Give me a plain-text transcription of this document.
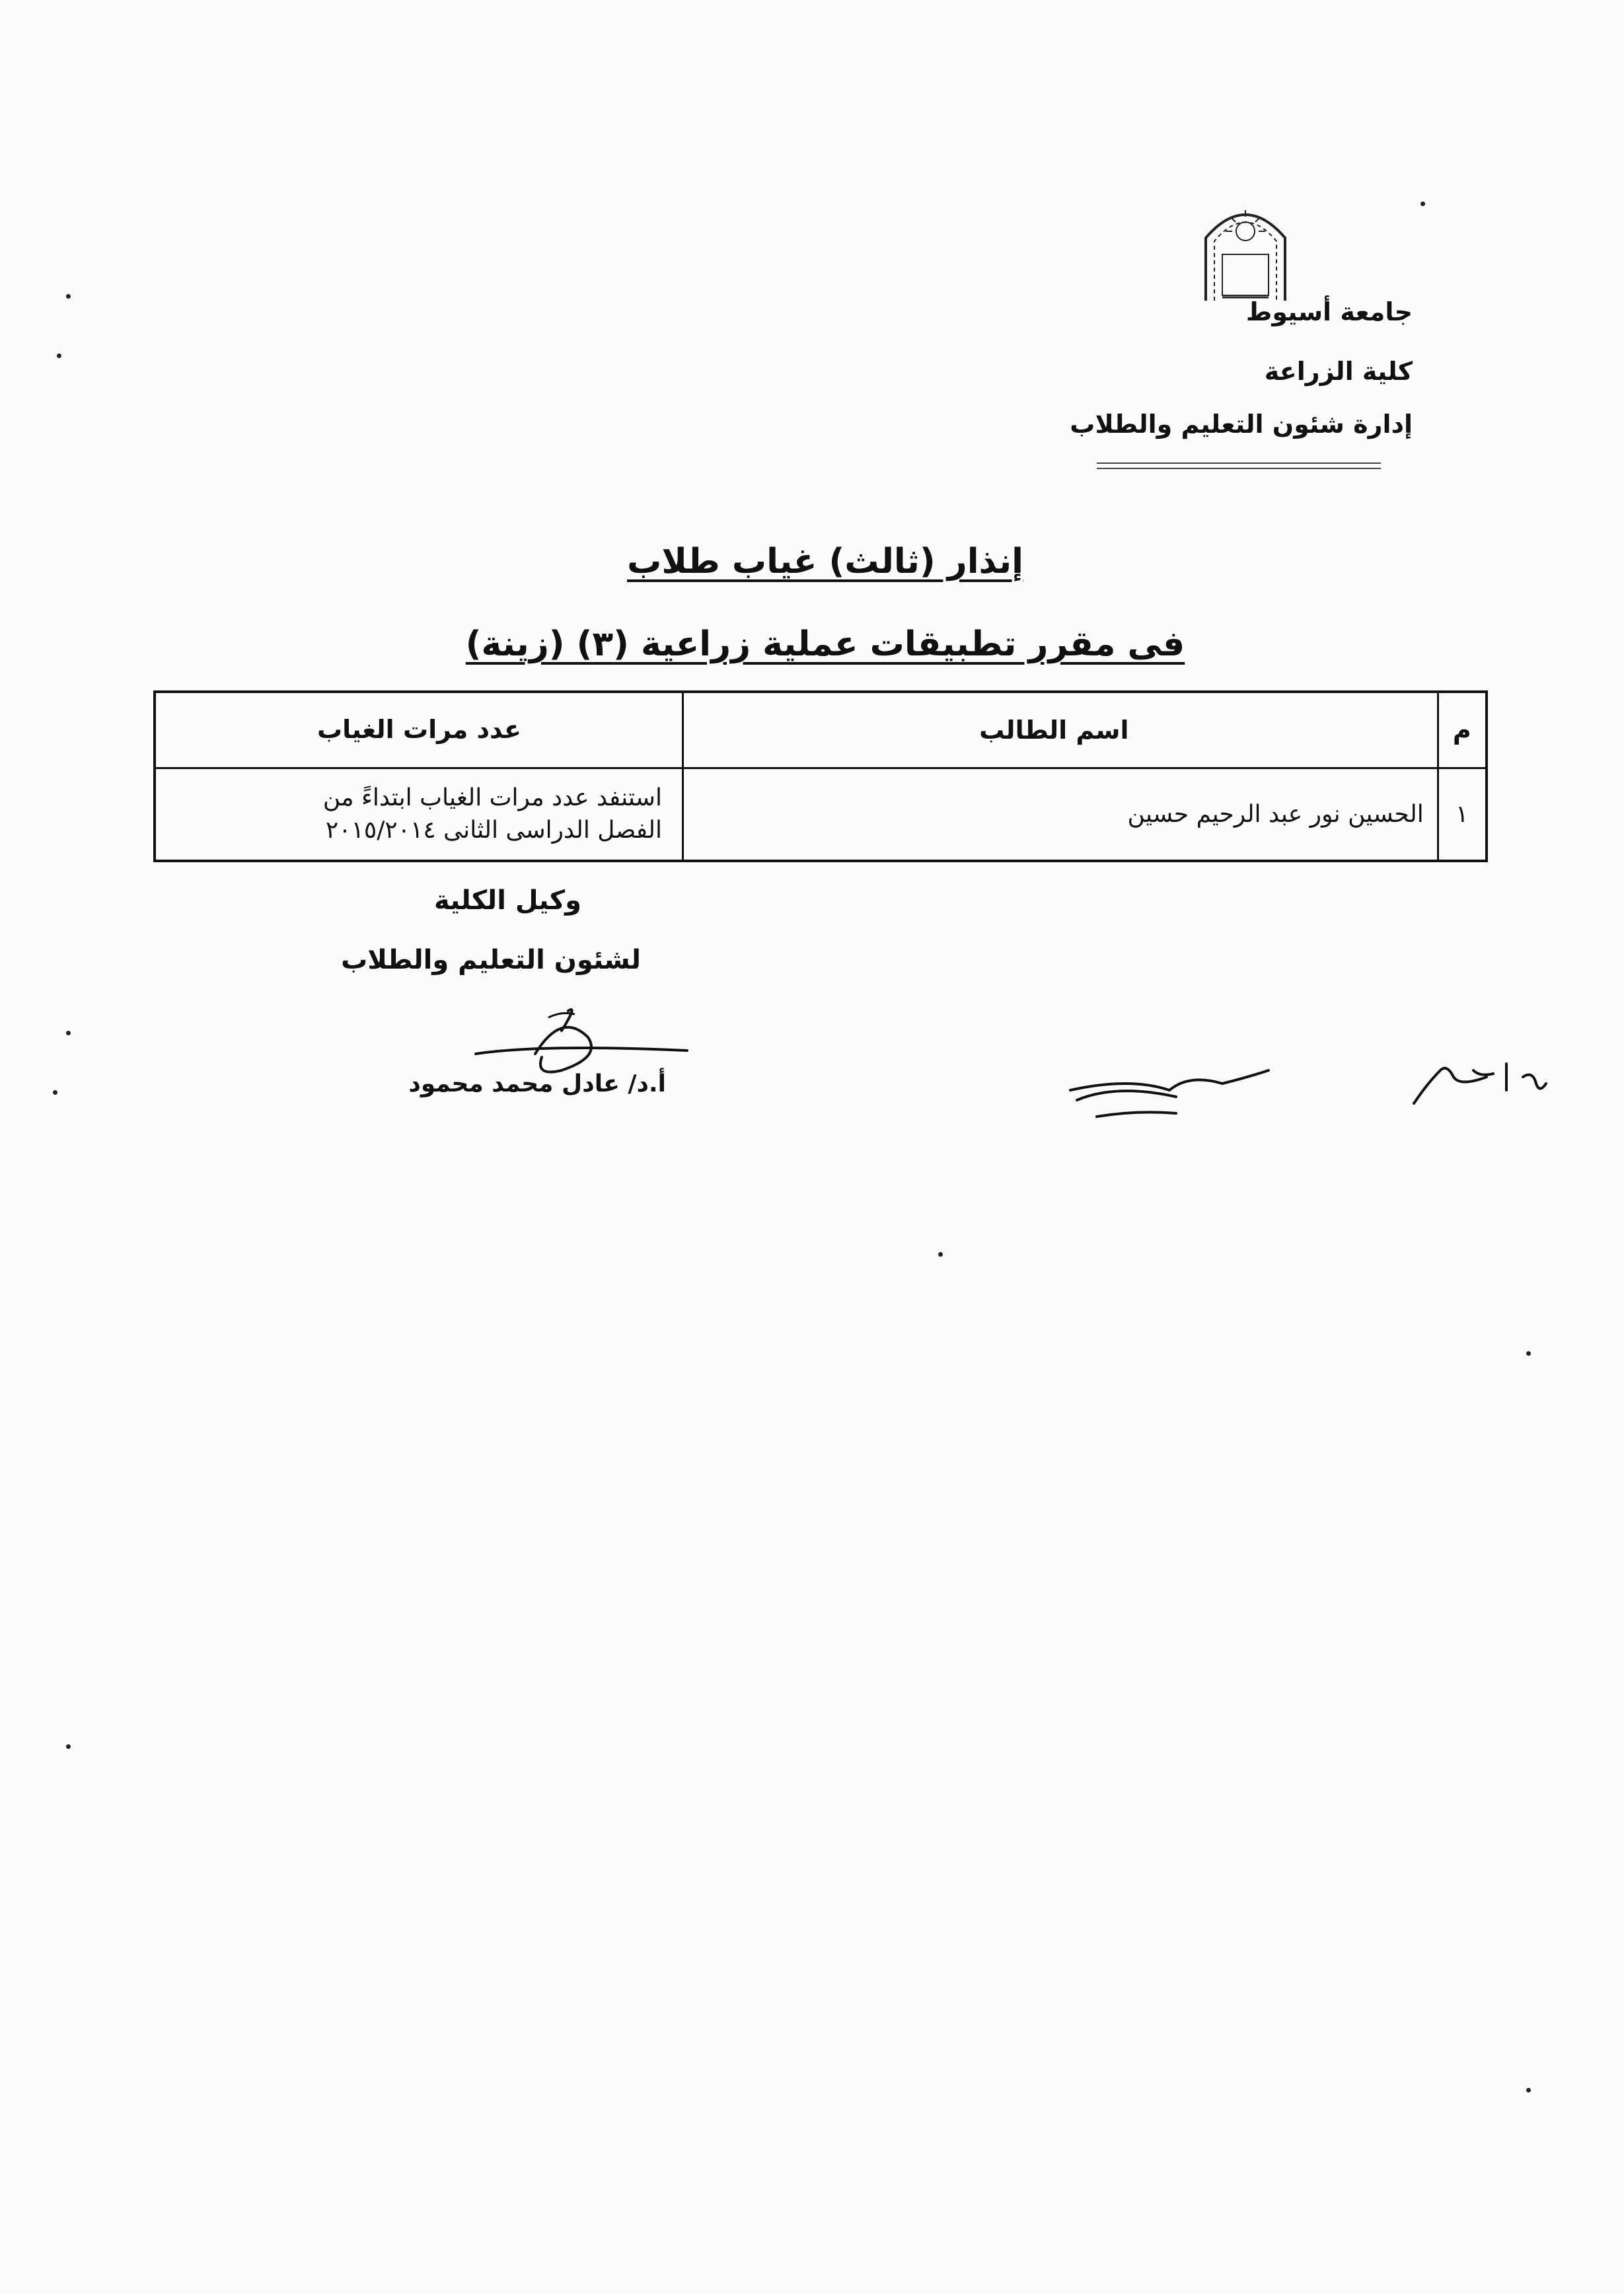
جامعة أسيوط
كلية الزراعة
إدارة شئون التعليم والطلاب
إنذار (ثالث) غياب طلاب
فى مقرر تطبيقات عملية زراعية (٣) (زينة)
م	اسم الطالب	عدد مرات الغياب
١	الحسين نور عبد الرحيم حسين	استنفد عدد مرات الغياب ابتداءً من
الفصل الدراسى الثانى ٢٠١٥/٢٠١٤
وكيل الكلية
لشئون التعليم والطلاب
أ.د/ عادل محمد محمود
